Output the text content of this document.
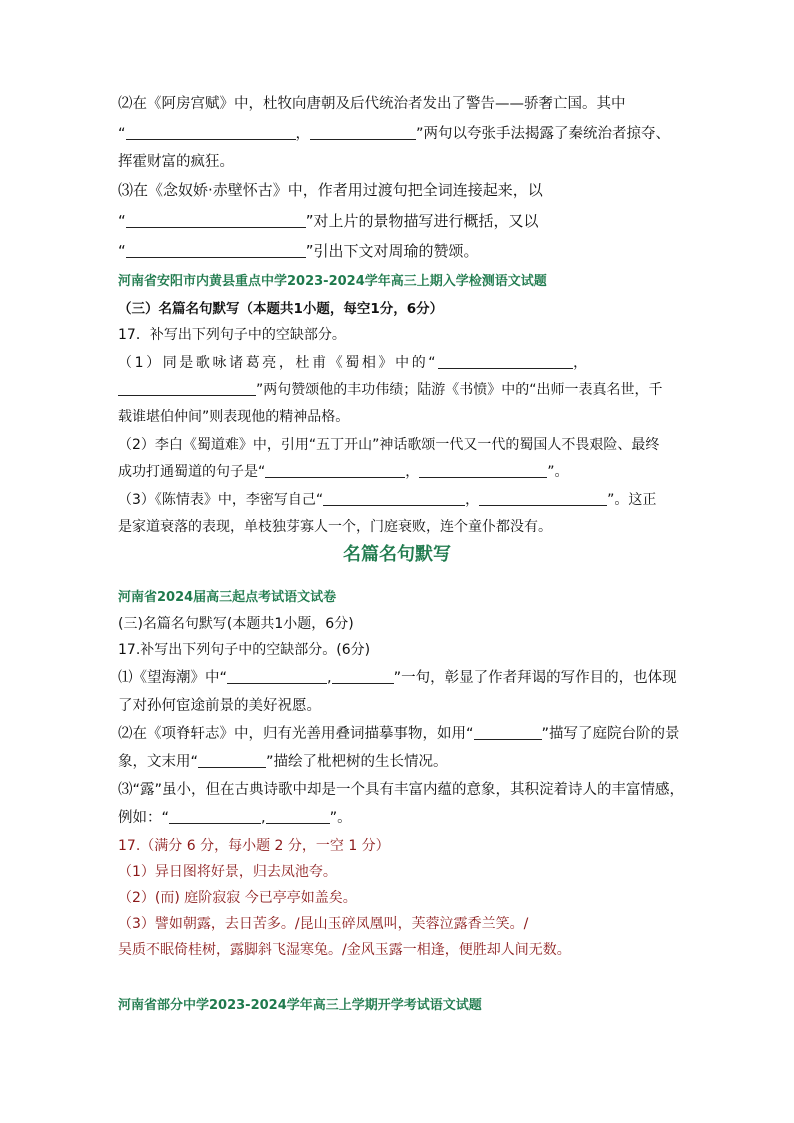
⑵在《阿房宫赋》中，杜牧向唐朝及后代统治者发出了警告——骄奢亡国。其中
“	，	”两句以夸张手法揭露了秦统治者掠夺、
挥霍财富的疯狂。
⑶在《念奴娇·赤壁怀古》中，作者用过渡句把全词连接起来，以
“	”对上片的景物描写进行概括，又以
“	”引出下文对周瑜的赞颂。
河南省安阳市内黄县重点中学2023-2024学年高三上期入学检测语文试题
（三）名篇名句默写（本题共1小题，每空1分，6分）
17．补写出下列句子中的空缺部分。
（1）同是歌咏诸葛亮，杜甫《蜀相》中的“	，
”两句赞颂他的丰功伟绩；陆游《书愤》中的“出师一表真名世，千
载谁堪伯仲间”则表现他的精神品格。
（2）李白《蜀道难》中，引用“五丁开山”神话歌颂一代又一代的蜀国人不畏艰险、最终
成功打通蜀道的句子是“	，	”。
（3）《陈情表》中，李密写自己“	，	”。这正
是家道衰落的表现，单枝独芽寡人一个，门庭衰败，连个童仆都没有。
名篇名句默写
河南省2024届高三起点考试语文试卷
(三)名篇名句默写(本题共1小题，6分)
17.补写出下列句子中的空缺部分。(6分)
⑴《望海潮》中“	,	”一句，彰显了作者拜谒的写作目的，也体现
了对孙何宦途前景的美好祝愿。
⑵在《项脊轩志》中，归有光善用叠词描摹事物，如用“	”描写了庭院台阶的景
象，文末用“	”描绘了枇杷树的生长情况。
⑶“露”虽小，但在古典诗歌中却是一个具有丰富内蕴的意象，其积淀着诗人的丰富情感，
例如：“	,	”。
17.（满分 6 分，每小题 2 分，一空 1 分）
（1）异日图将好景，归去凤池夸。
（2）(而) 庭阶寂寂 今已亭亭如盖矣。
（3）譬如朝露，去日苦多。/昆山玉碎凤凰叫，芙蓉泣露香兰笑。/
吴质不眠倚桂树，露脚斜飞湿寒兔。/金风玉露一相逢，便胜却人间无数。
河南省部分中学2023-2024学年高三上学期开学考试语文试题
